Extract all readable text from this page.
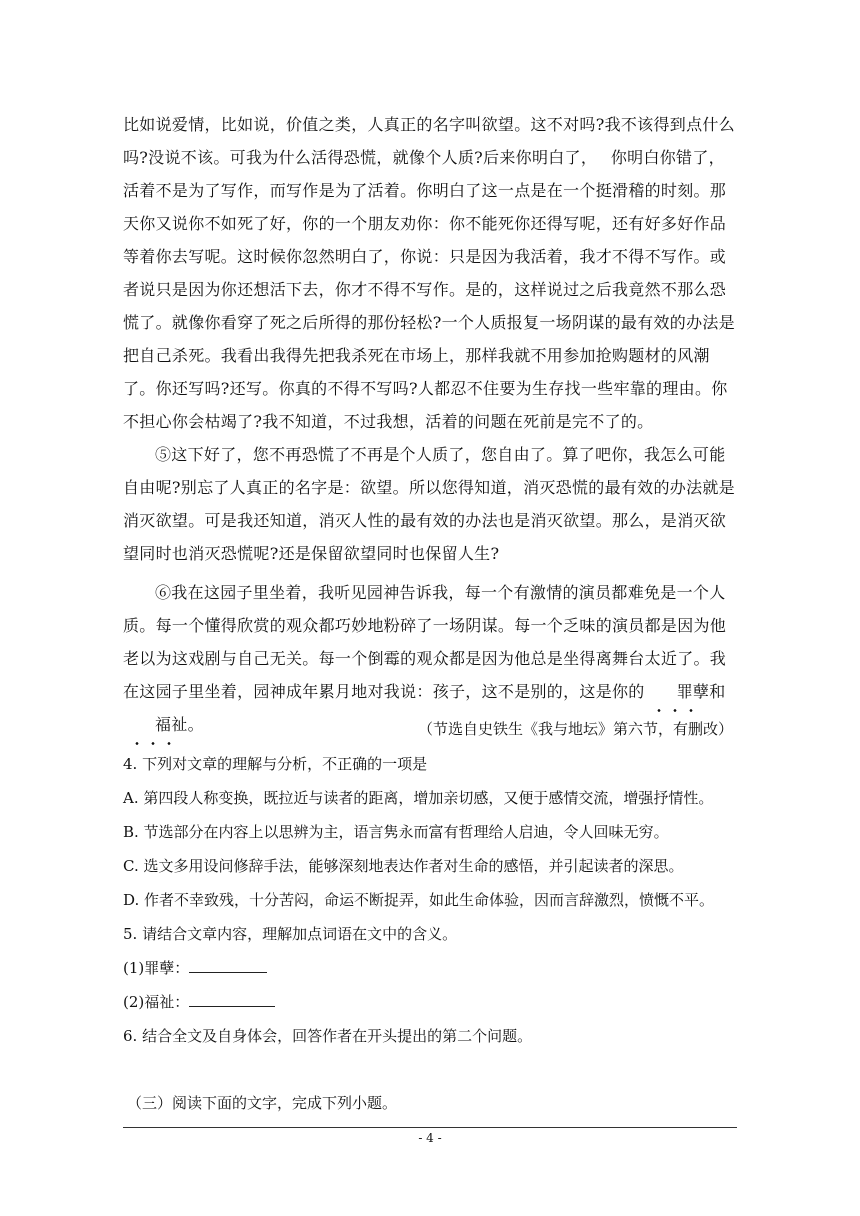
比如说爱情，比如说，价值之类，人真正的名字叫欲望。这不对吗?我不该得到点什么吗?没说不该。可我为什么活得恐慌，就像个人质?后来你明白了，　 你明白你错了，活着不是为了写作，而写作是为了活着。你明白了这一点是在一个挺滑稽的时刻。那天你又说你不如死了好，你的一个朋友劝你：你不能死你还得写呢，还有好多好作品等着你去写呢。这时候你忽然明白了，你说：只是因为我活着，我才不得不写作。或者说只是因为你还想活下去，你才不得不写作。是的，这样说过之后我竟然不那么恐慌了。就像你看穿了死之后所得的那份轻松?一个人质报复一场阴谋的最有效的办法是把自己杀死。我看出我得先把我杀死在市场上，那样我就不用参加抢购题材的风潮了。你还写吗?还写。你真的不得不写吗?人都忍不住要为生存找一些牢靠的理由。你不担心你会枯竭了?我不知道，不过我想，活着的问题在死前是完不了的。

⑤这下好了，您不再恐慌了不再是个人质了，您自由了。算了吧你，我怎么可能自由呢?别忘了人真正的名字是：欲望。所以您得知道，消灭恐慌的最有效的办法就是消灭欲望。可是我还知道，消灭人性的最有效的办法也是消灭欲望。那么，是消灭欲望同时也消灭恐慌呢?还是保留欲望同时也保留人生?

⑥我在这园子里坐着，我听见园神告诉我，每一个有激情的演员都难免是一个人质。每一个懂得欣赏的观众都巧妙地粉碎了一场阴谋。每一个乏味的演员都是因为他老以为这戏剧与自己无关。每一个倒霉的观众都是因为他总是坐得离舞台太近了。我在这园子里坐着，园神成年累月地对我说：孩子，这不是别的，这是你的 罪孽和福祉。	（节选自史铁生《我与地坛》第六节，有删改）
4. 下列对文章的理解与分析，不正确的一项是
A. 第四段人称变换，既拉近与读者的距离，增加亲切感，又便于感情交流，增强抒情性。
B. 节选部分在内容上以思辨为主，语言隽永而富有哲理给人启迪，令人回味无穷。
C. 选文多用设问修辞手法，能够深刻地表达作者对生命的感悟，并引起读者的深思。
D. 作者不幸致残，十分苦闷，命运不断捉弄，如此生命体验，因而言辞激烈，愤慨不平。
5. 请结合文章内容，理解加点词语在文中的含义。
(1)罪孽：
(2)福祉：
6. 结合全文及自身体会，回答作者在开头提出的第二个问题。
（三）阅读下面的文字，完成下列小题。
- 4 -
